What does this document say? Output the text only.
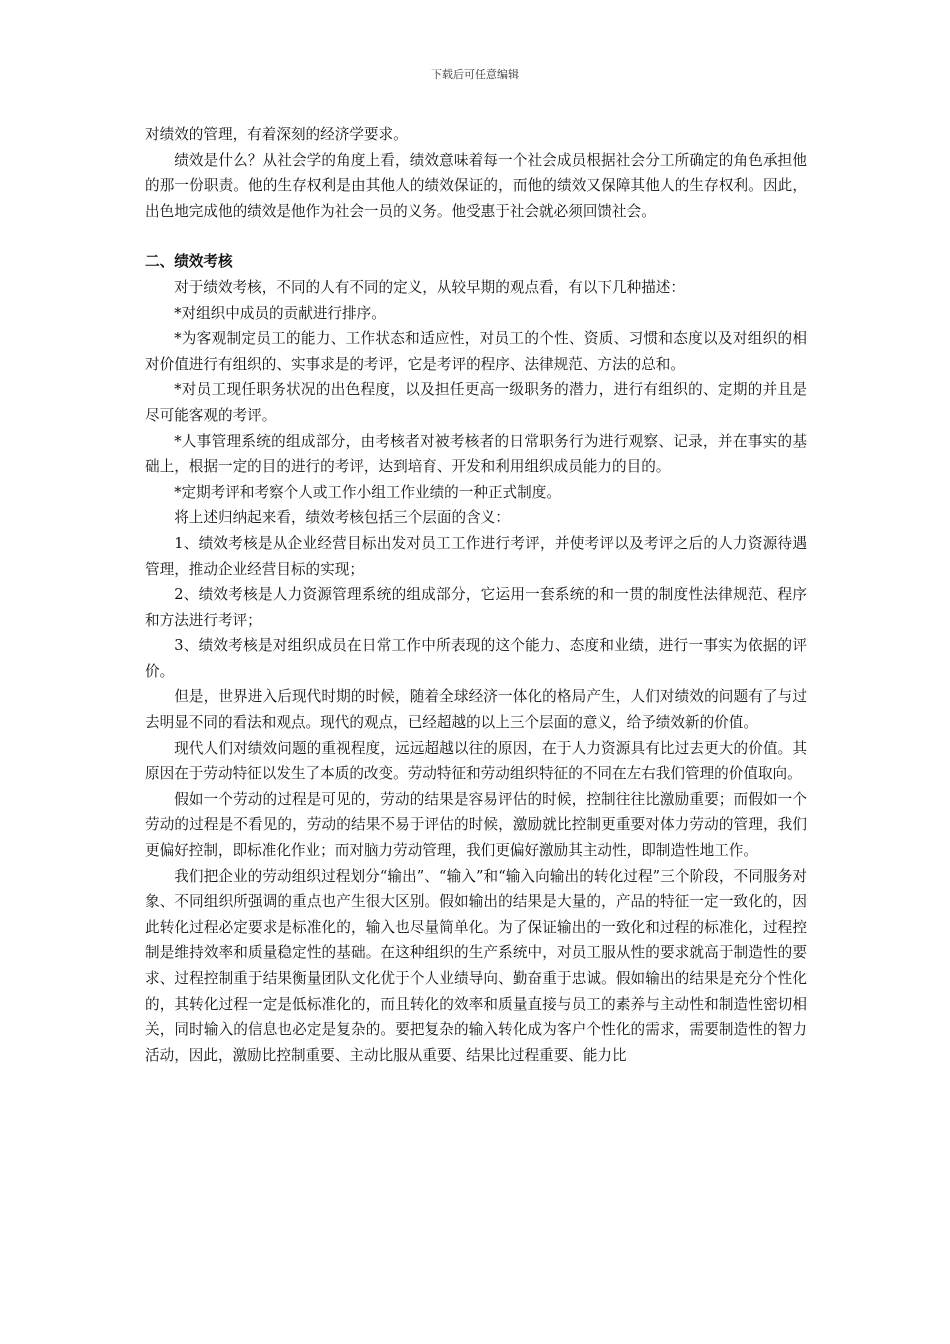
下载后可任意编辑

对绩效的管理，有着深刻的经济学要求。

绩效是什么？从社会学的角度上看，绩效意味着每一个社会成员根据社会分工所确定的角色承担他的那一份职责。他的生存权利是由其他人的绩效保证的，而他的绩效又保障其他人的生存权利。因此，出色地完成他的绩效是他作为社会一员的义务。他受惠于社会就必须回馈社会。

二、绩效考核

对于绩效考核，不同的人有不同的定义，从较早期的观点看，有以下几种描述：

*对组织中成员的贡献进行排序。

*为客观制定员工的能力、工作状态和适应性，对员工的个性、资质、习惯和态度以及对组织的相对价值进行有组织的、实事求是的考评，它是考评的程序、法律规范、方法的总和。

*对员工现任职务状况的出色程度，以及担任更高一级职务的潜力，进行有组织的、定期的并且是尽可能客观的考评。

*人事管理系统的组成部分，由考核者对被考核者的日常职务行为进行观察、记录，并在事实的基础上，根据一定的目的进行的考评，达到培育、开发和利用组织成员能力的目的。

*定期考评和考察个人或工作小组工作业绩的一种正式制度。

将上述归纳起来看，绩效考核包括三个层面的含义：

1、绩效考核是从企业经营目标出发对员工工作进行考评，并使考评以及考评之后的人力资源待遇管理，推动企业经营目标的实现；

2、绩效考核是人力资源管理系统的组成部分，它运用一套系统的和一贯的制度性法律规范、程序和方法进行考评；

3、绩效考核是对组织成员在日常工作中所表现的这个能力、态度和业绩，进行一事实为依据的评价。

但是，世界进入后现代时期的时候，随着全球经济一体化的格局产生，人们对绩效的问题有了与过去明显不同的看法和观点。现代的观点，已经超越的以上三个层面的意义，给予绩效新的价值。

现代人们对绩效问题的重视程度，远远超越以往的原因，在于人力资源具有比过去更大的价值。其原因在于劳动特征以发生了本质的改变。劳动特征和劳动组织特征的不同在左右我们管理的价值取向。

假如一个劳动的过程是可见的，劳动的结果是容易评估的时候，控制往往比激励重要；而假如一个劳动的过程是不看见的，劳动的结果不易于评估的时候，激励就比控制更重要对体力劳动的管理，我们更偏好控制，即标准化作业；而对脑力劳动管理，我们更偏好激励其主动性，即制造性地工作。

我们把企业的劳动组织过程划分“输出”、“输入”和“输入向输出的转化过程”三个阶段，不同服务对象、不同组织所强调的重点也产生很大区别。假如输出的结果是大量的，产品的特征一定一致化的，因此转化过程必定要求是标准化的，输入也尽量简单化。为了保证输出的一致化和过程的标准化，过程控制是维持效率和质量稳定性的基础。在这种组织的生产系统中，对员工服从性的要求就高于制造性的要求、过程控制重于结果衡量团队文化优于个人业绩导向、勤奋重于忠诚。假如输出的结果是充分个性化的，其转化过程一定是低标准化的，而且转化的效率和质量直接与员工的素养与主动性和制造性密切相关，同时输入的信息也必定是复杂的。要把复杂的输入转化成为客户个性化的需求，需要制造性的智力活动，因此，激励比控制重要、主动比服从重要、结果比过程重要、能力比
